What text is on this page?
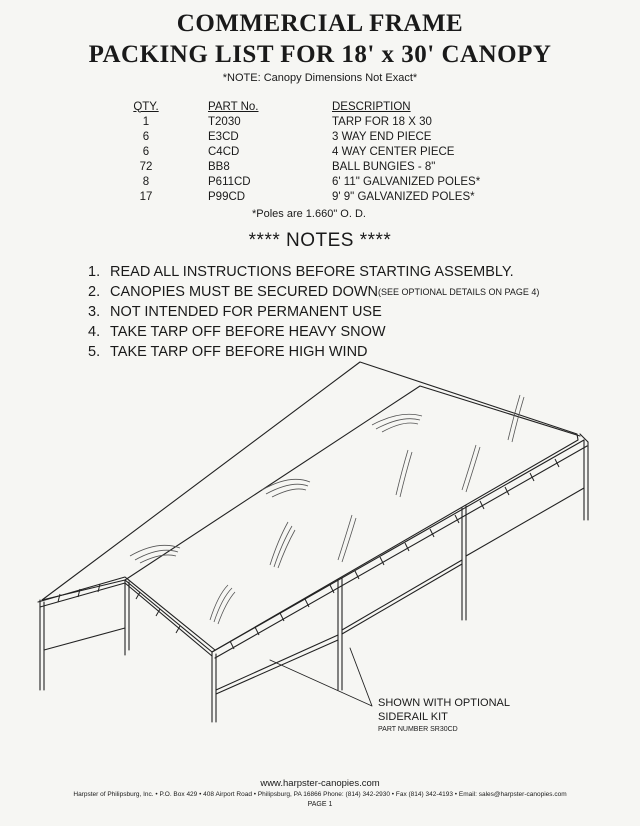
COMMERCIAL FRAME
PACKING LIST FOR 18' x 30' CANOPY
*NOTE: Canopy Dimensions Not Exact*
QTY.	PART No.	DESCRIPTION
1	T2030	TARP FOR 18 X 30
6	E3CD	3 WAY END PIECE
6	C4CD	4 WAY CENTER PIECE
72	BB8	BALL BUNGIES - 8"
8	P611CD	6' 11" GALVANIZED POLES*
17	P99CD	9' 9" GALVANIZED POLES*
*Poles are 1.660" O. D.
**** NOTES ****
1. READ ALL INSTRUCTIONS BEFORE STARTING ASSEMBLY.
2. CANOPIES MUST BE SECURED DOWN (SEE OPTIONAL DETAILS ON PAGE 4)
3. NOT INTENDED FOR PERMANENT USE
4. TAKE TARP OFF BEFORE HEAVY SNOW
5. TAKE TARP OFF BEFORE HIGH WIND
SHOWN WITH OPTIONAL
SIDERAIL KIT
PART NUMBER SR30CD
www.harpster-canopies.com
Harpster of Philipsburg, Inc. • P.O. Box 429 • 408 Airport Road • Philipsburg, PA 16866 Phone: (814) 342-2930 • Fax (814) 342-4193 • Email: sales@harpster-canopies.com
PAGE 1
